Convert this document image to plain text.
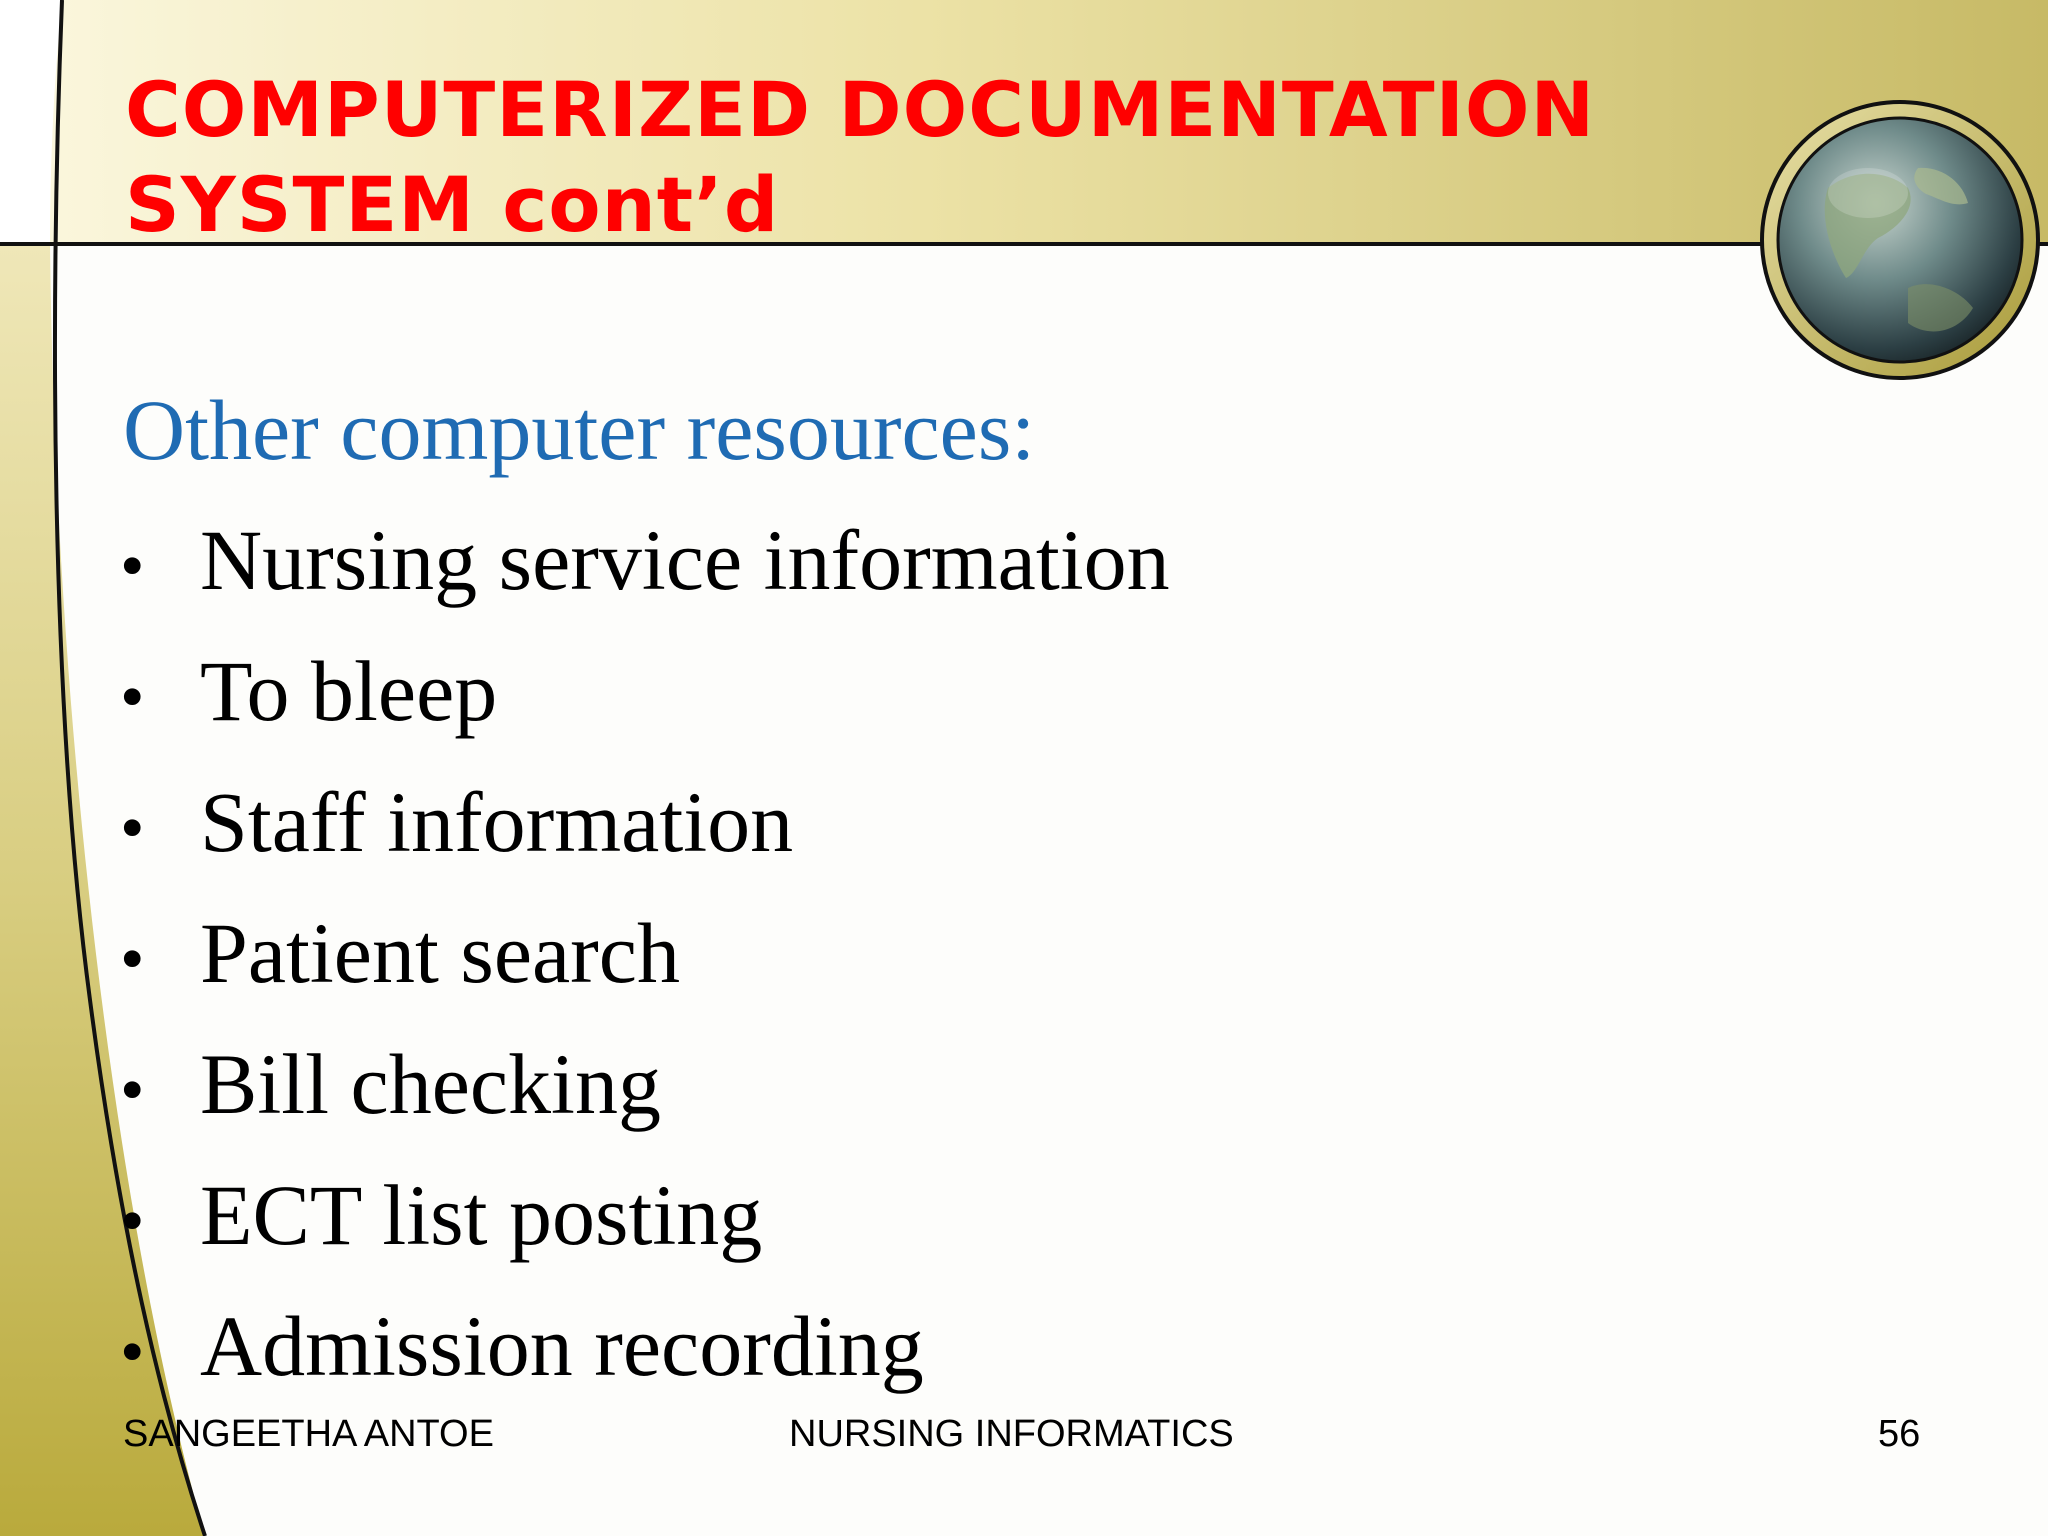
COMPUTERIZED DOCUMENTATION
SYSTEM cont’d

Other computer resources:

• Nursing service information
• To bleep
• Staff information
• Patient search
• Bill checking
• ECT list posting
• Admission recording
SANGEETHA ANTOE	NURSING INFORMATICS	56
